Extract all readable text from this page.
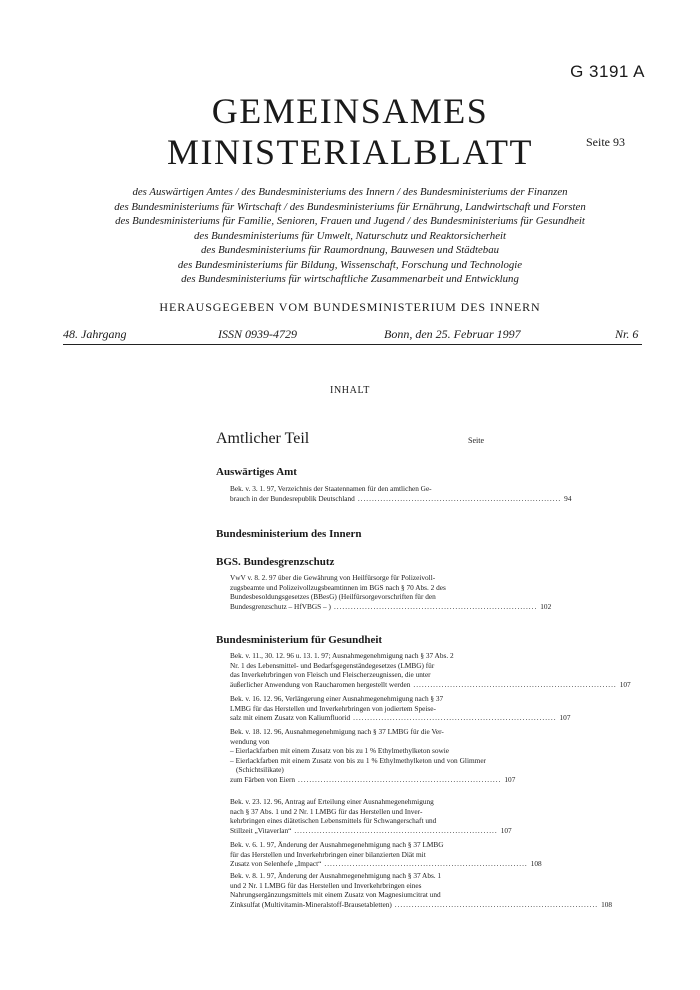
G 3191 A
GEMEINSAMES
MINISTERIALBLATT	Seite 93
des Auswärtigen Amtes / des Bundesministeriums des Innern / des Bundesministeriums der Finanzen
des Bundesministeriums für Wirtschaft / des Bundesministeriums für Ernährung, Landwirtschaft und Forsten
des Bundesministeriums für Familie, Senioren, Frauen und Jugend / des Bundesministeriums für Gesundheit
des Bundesministeriums für Umwelt, Naturschutz und Reaktorsicherheit
des Bundesministeriums für Raumordnung, Bauwesen und Städtebau
des Bundesministeriums für Bildung, Wissenschaft, Forschung und Technologie
des Bundesministeriums für wirtschaftliche Zusammenarbeit und Entwicklung
HERAUSGEGEBEN VOM BUNDESMINISTERIUM DES INNERN
48. Jahrgang	ISSN 0939-4729	Bonn, den 25. Februar 1997	Nr. 6
INHALT
Amtlicher Teil	Seite
Auswärtiges Amt
Bek. v. 3. 1. 97, Verzeichnis der Staatennamen für den amtlichen Ge-
brauch in der Bundesrepublik Deutschland ........................................................................ 94
Bundesministerium des Innern
BGS. Bundesgrenzschutz
VwV v. 8. 2. 97 über die Gewährung von Heilfürsorge für Polizeivoll-
zugsbeamte und Polizeivollzugsbeamtinnen im BGS nach § 70 Abs. 2 des
Bundesbesoldungsgesetzes (BBesG) (Heilfürsorgevorschriften für den
Bundesgrenzschutz – HfVBGS – ) ........................................................................ 102
Bundesministerium für Gesundheit
Bek. v. 11., 30. 12. 96 u. 13. 1. 97; Ausnahmegenehmigung nach § 37 Abs. 2
Nr. 1 des Lebensmittel- und Bedarfsgegenständegesetzes (LMBG) für
das Inverkehrbringen von Fleisch und Fleischerzeugnissen, die unter
äußerlicher Anwendung von Raucharomen hergestellt werden ........................................................................ 107
Bek. v. 16. 12. 96, Verlängerung einer Ausnahmegenehmigung nach § 37
LMBG für das Herstellen und Inverkehrbringen von jodiertem Speise-
salz mit einem Zusatz von Kaliumfluorid ........................................................................ 107
Bek. v. 18. 12. 96, Ausnahmegenehmigung nach § 37 LMBG für die Ver-
wendung von
– Eierlackfarben mit einem Zusatz von bis zu 1 % Ethylmethylketon sowie
– Eierlackfarben mit einem Zusatz von bis zu 1 % Ethylmethylketon und von Glimmer (Schichtsilikate)
zum Färben von Eiern ........................................................................ 107
Bek. v. 23. 12. 96, Antrag auf Erteilung einer Ausnahmegenehmigung
nach § 37 Abs. 1 und 2 Nr. 1 LMBG für das Herstellen und Inver-
kehrbringen eines diätetischen Lebensmittels für Schwangerschaft und
Stillzeit „Vitaverlan“ ........................................................................ 107
Bek. v. 6. 1. 97, Änderung der Ausnahmegenehmigung nach § 37 LMBG
für das Herstellen und Inverkehrbringen einer bilanzierten Diät mit
Zusatz von Selenhefe „Impact“ ........................................................................ 108
Bek. v. 8. 1. 97, Änderung der Ausnahmegenehmigung nach § 37 Abs. 1
und 2 Nr. 1 LMBG für das Herstellen und Inverkehrbringen eines
Nahrungsergänzungsmittels mit einem Zusatz von Magnesiumcitrat und
Zinksulfat (Multivitamin-Mineralstoff-Brausetabletten) ........................................................................ 108
